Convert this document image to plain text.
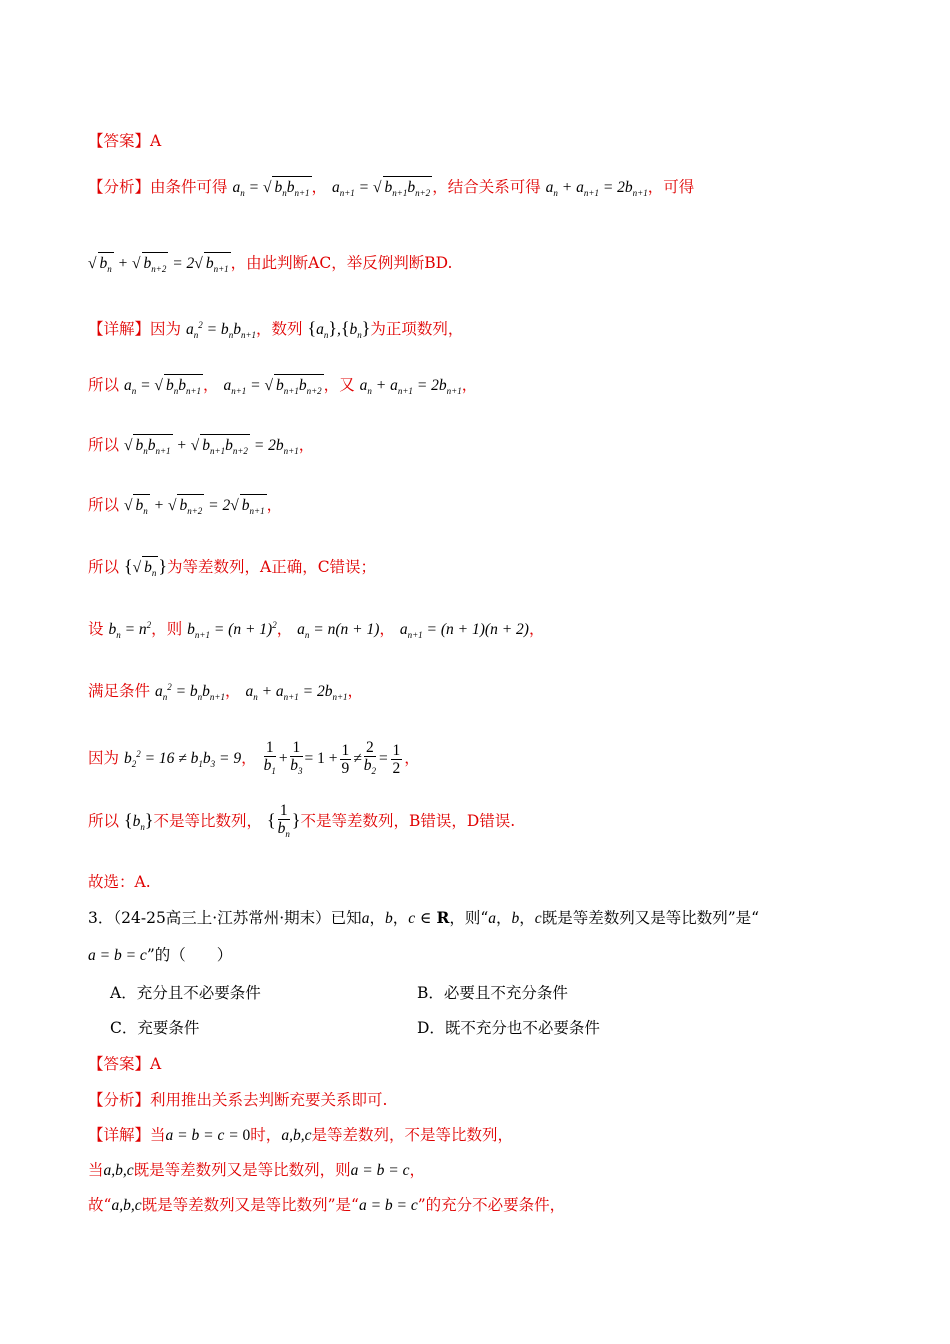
【答案】A
【分析】由条件可得 $a_n$ = √ $b_nb_{n+1}$ ， $a_{n+1}$ = √ $b_{n+1}b_{n+2}$ ，结合关系可得 $a_n + a_{n+1} = 2b_{n+1}$，可得
√ $b_n$ + √ $b_{n+2} = 2√$ $b_{n+1}$ ，由此判断AC，举反例判断BD.
【详解】因为 $a_n^2 = b_nb_{n+1}$，数列 $\{a_n\},\{b_n\}$为正项数列，
所以 $a_n$ = √ $b_nb_{n+1}$ ， $a_{n+1}$ = √ $b_{n+1}b_{n+2}$ ，又 $a_n + a_{n+1} = 2b_{n+1}$，
所以 √ $b_nb_{n+1}$ + √ $b_{n+1}b_{n+2} = 2b_{n+1}$，
所以 √ $b_n$ + √ $b_{n+2} = 2√$ $b_{n+1}$ ，
所以 {√ $b_n$ }为等差数列，A正确，C错误；
设 $b_n = n^2$，则 $b_{n+1} = (n + 1)^2$， $a_n = n(n + 1)$， $a_{n+1} = (n + 1)(n + 2)$，
满足条件 $a_n^2 = b_nb_{n+1}$， $a_n + a_{n+1} = 2b_{n+1}$，
因为 $b_2^2 = 16 \ne b_1b_3 = 9$， $\frac{1}{b_1} + \frac{1}{b_3} = 1 + \frac{1}{9} \ne \frac{2}{b_2} = \frac{1}{2}$ ，
所以 $\{b_n\}$不是等比数列， { $\frac{1}{b_n}$ }不是等差数列，B错误，D错误.
故选：A.
3．（24-25高三上·江苏常州·期末）已知a，b，c ∈ R，则“a，b，c既是等差数列又是等比数列”是“
a = b = c”的（　　）
A．充分且不必要条件	B．必要且不充分条件
C．充要条件	D．既不充分也不必要条件
【答案】A
【分析】利用推出关系去判断充要关系即可.
【详解】当a = b = c = 0时，a,b,c是等差数列，不是等比数列，
当a,b,c既是等差数列又是等比数列，则a = b = c，
故“a,b,c既是等差数列又是等比数列”是“a = b = c”的充分不必要条件，
